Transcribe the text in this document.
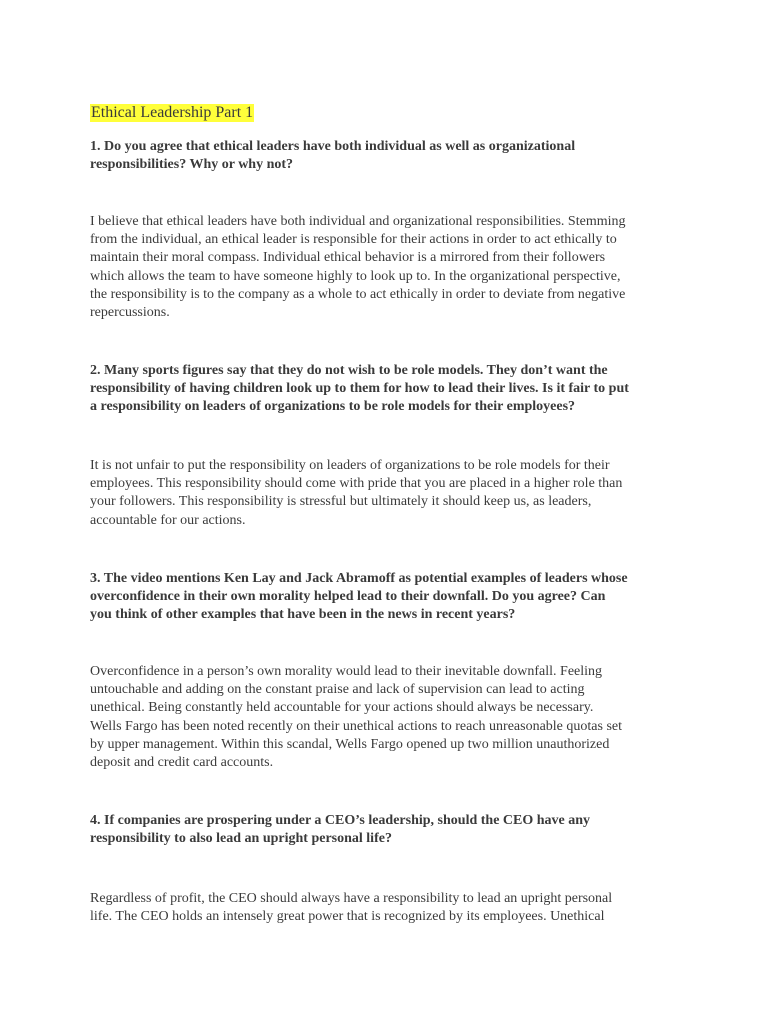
Ethical Leadership Part 1

1. Do you agree that ethical leaders have both individual as well as organizational
responsibilities? Why or why not?

I believe that ethical leaders have both individual and organizational responsibilities. Stemming
from the individual, an ethical leader is responsible for their actions in order to act ethically to
maintain their moral compass. Individual ethical behavior is a mirrored from their followers
which allows the team to have someone highly to look up to. In the organizational perspective,
the responsibility is to the company as a whole to act ethically in order to deviate from negative
repercussions.

2. Many sports figures say that they do not wish to be role models. They don’t want the
responsibility of having children look up to them for how to lead their lives. Is it fair to put
a responsibility on leaders of organizations to be role models for their employees?

It is not unfair to put the responsibility on leaders of organizations to be role models for their
employees. This responsibility should come with pride that you are placed in a higher role than
your followers. This responsibility is stressful but ultimately it should keep us, as leaders,
accountable for our actions.

3. The video mentions Ken Lay and Jack Abramoff as potential examples of leaders whose
overconfidence in their own morality helped lead to their downfall. Do you agree? Can
you think of other examples that have been in the news in recent years?

Overconfidence in a person’s own morality would lead to their inevitable downfall. Feeling
untouchable and adding on the constant praise and lack of supervision can lead to acting
unethical. Being constantly held accountable for your actions should always be necessary.
Wells Fargo has been noted recently on their unethical actions to reach unreasonable quotas set
by upper management. Within this scandal, Wells Fargo opened up two million unauthorized
deposit and credit card accounts.

4. If companies are prospering under a CEO’s leadership, should the CEO have any
responsibility to also lead an upright personal life?

Regardless of profit, the CEO should always have a responsibility to lead an upright personal
life. The CEO holds an intensely great power that is recognized by its employees. Unethical
